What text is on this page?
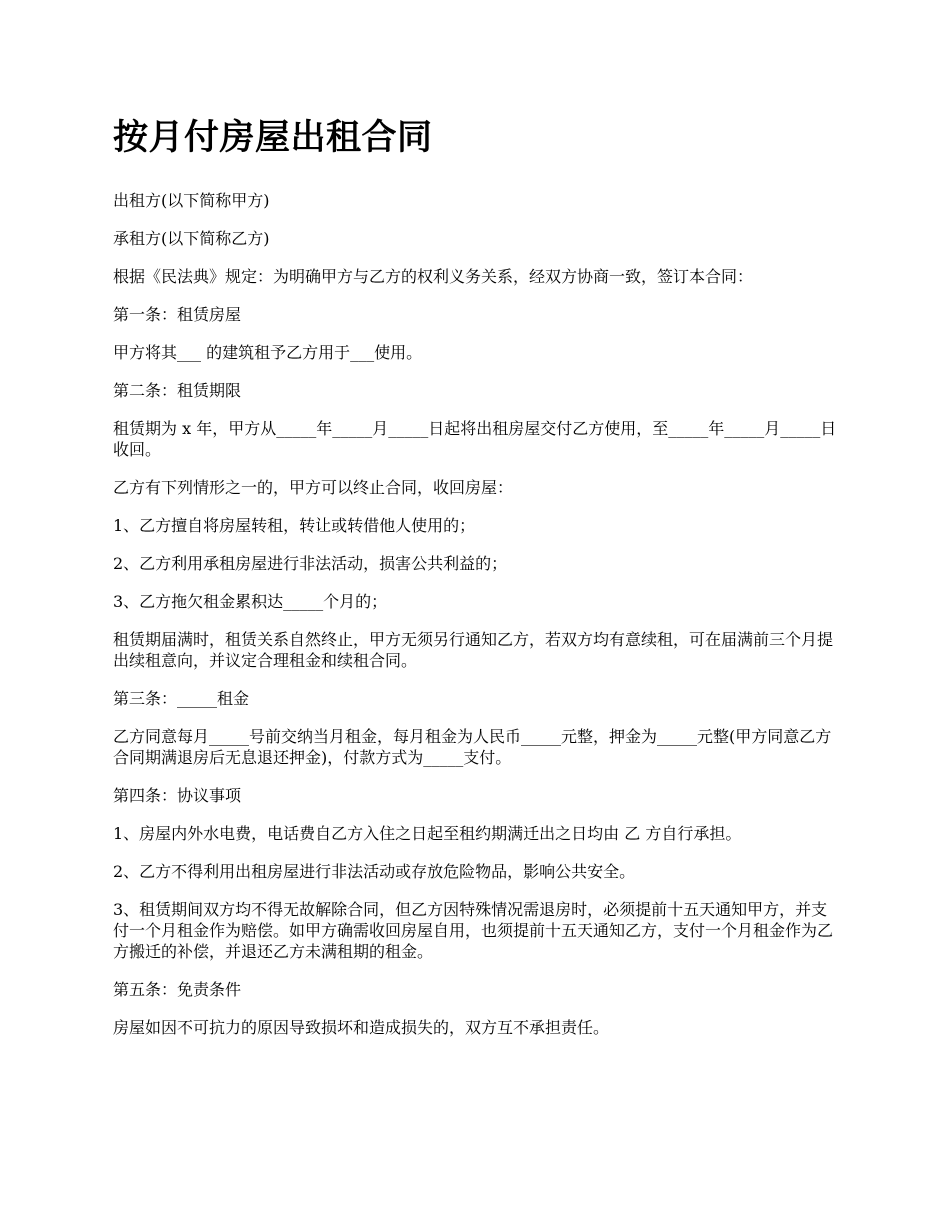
按月付房屋出租合同

出租方(以下简称甲方)

承租方(以下简称乙方)

根据《民法典》规定：为明确甲方与乙方的权利义务关系，经双方协商一致，签订本合同：

第一条：租赁房屋

甲方将其___ 的建筑租予乙方用于___使用。

第二条：租赁期限

租赁期为 x 年，甲方从_____年_____月_____日起将出租房屋交付乙方使用，至_____年_____月_____日收回。

乙方有下列情形之一的，甲方可以终止合同，收回房屋：

1、乙方擅自将房屋转租，转让或转借他人使用的；

2、乙方利用承租房屋进行非法活动，损害公共利益的；

3、乙方拖欠租金累积达_____个月的；

租赁期届满时，租赁关系自然终止，甲方无须另行通知乙方，若双方均有意续租，可在届满前三个月提出续租意向，并议定合理租金和续租合同。

第三条：_____租金

乙方同意每月_____号前交纳当月租金，每月租金为人民币_____元整，押金为_____元整(甲方同意乙方合同期满退房后无息退还押金)，付款方式为_____支付。

第四条：协议事项

1、房屋内外水电费，电话费自乙方入住之日起至租约期满迁出之日均由 乙 方自行承担。

2、乙方不得利用出租房屋进行非法活动或存放危险物品，影响公共安全。

3、租赁期间双方均不得无故解除合同，但乙方因特殊情况需退房时，必须提前十五天通知甲方，并支付一个月租金作为赔偿。如甲方确需收回房屋自用，也须提前十五天通知乙方，支付一个月租金作为乙方搬迁的补偿，并退还乙方未满租期的租金。

第五条：免责条件

房屋如因不可抗力的原因导致损坏和造成损失的，双方互不承担责任。
